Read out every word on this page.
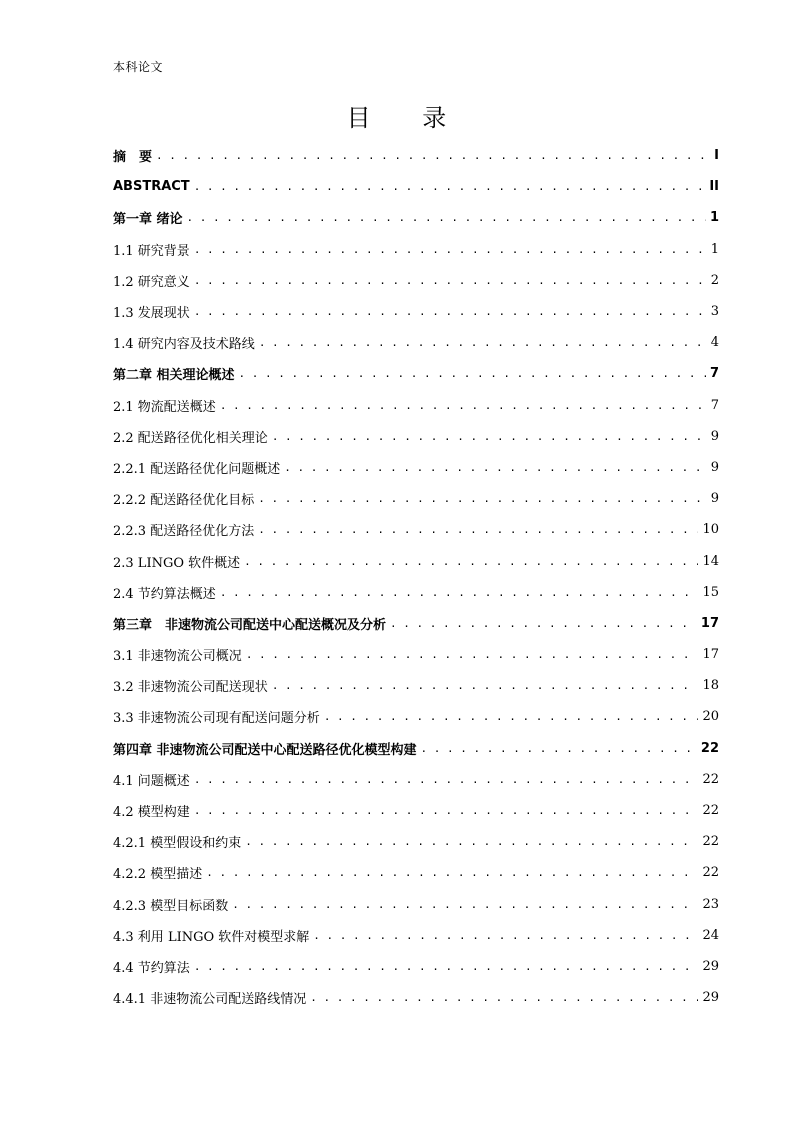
本科论文
目 录
摘　要 . . .	I
ABSTRACT . . .	II
第一章 绪论 . . .	1
1.1 研究背景 . . .	1
1.2 研究意义 . . .	2
1.3 发展现状 . . .	3
1.4 研究内容及技术路线 . . .	4
第二章 相关理论概述 . . .	7
2.1 物流配送概述 . . .	7
2.2 配送路径优化相关理论 . . .	9
2.2.1 配送路径优化问题概述 . . .	9
2.2.2 配送路径优化目标 . . .	9
2.2.3 配送路径优化方法 . . .	10
2.3 LINGO 软件概述 . . .	14
2.4 节约算法概述 . . .	15
第三章　非速物流公司配送中心配送概况及分析 . . .	17
3.1 非速物流公司概况 . . .	17
3.2 非速物流公司配送现状 . . .	18
3.3 非速物流公司现有配送问题分析 . . .	20
第四章 非速物流公司配送中心配送路径优化模型构建 . . .	22
4.1 问题概述 . . .	22
4.2 模型构建 . . .	22
4.2.1 模型假设和约束 . . .	22
4.2.2 模型描述 . . .	22
4.2.3 模型目标函数 . . .	23
4.3 利用 LINGO 软件对模型求解 . . .	24
4.4 节约算法 . . .	29
4.4.1 非速物流公司配送路线情况 . . .	29
